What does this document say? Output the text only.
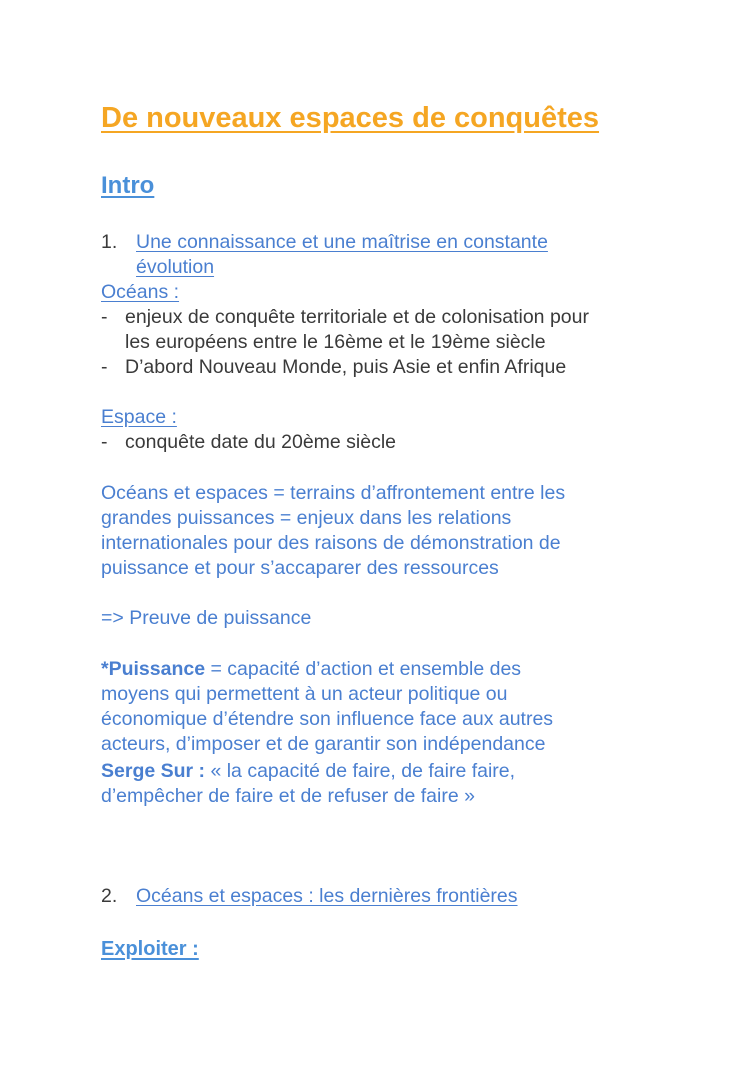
De nouveaux espaces de conquêtes
Intro
1. Une connaissance et une maîtrise en constante
évolution
Océans :
- enjeux de conquête territoriale et de colonisation pour
les européens entre le 16ème et le 19ème siècle
- D’abord Nouveau Monde, puis Asie et enfin Afrique
Espace :
- conquête date du 20ème siècle
Océans et espaces = terrains d’affrontement entre les
grandes puissances = enjeux dans les relations
internationales pour des raisons de démonstration de
puissance et pour s’accaparer des ressources
=> Preuve de puissance
*Puissance = capacité d’action et ensemble des
moyens qui permettent à un acteur politique ou
économique d’étendre son influence face aux autres
acteurs, d’imposer et de garantir son indépendance
Serge Sur : « la capacité de faire, de faire faire,
d’empêcher de faire et de refuser de faire »
2. Océans et espaces : les dernières frontières
Exploiter :
